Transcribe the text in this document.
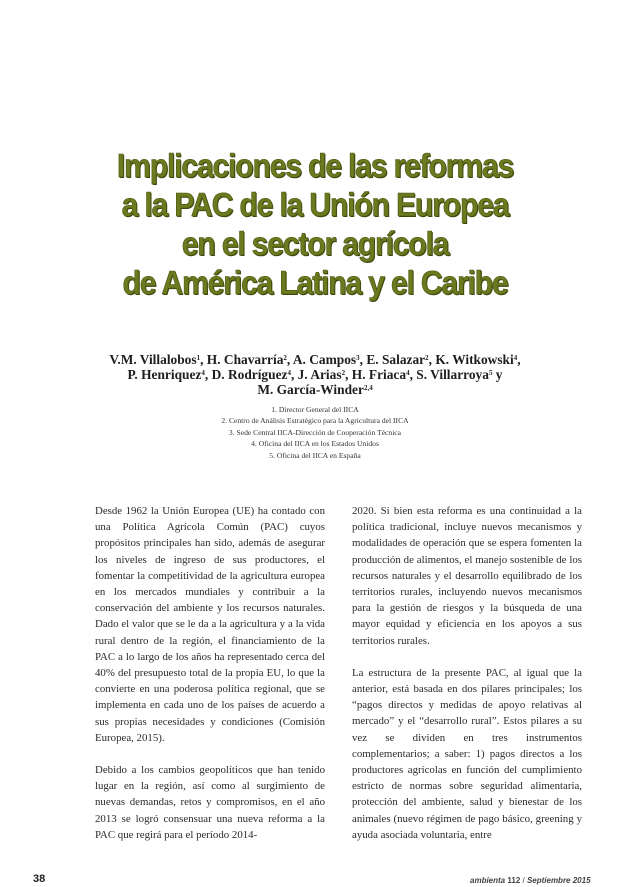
Implicaciones de las reformas
a la PAC de la Unión Europea
en el sector agrícola
de América Latina y el Caribe
V.M. Villalobos$^1$, H. Chavarría$^2$, A. Campos$^3$, E. Salazar$^2$, K. Witkowski$^4$,
P. Henriquez$^4$, D. Rodríguez$^4$, J. Arias$^2$, H. Friaca$^4$, S. Villarroya$^5$ y
M. García-Winder$^{2,4}$
1. Director General del IICA
2. Centro de Análisis Estratégico para la Agricultura del IICA
3. Sede Central IICA-Dirección de Cooperación Técnica
4. Oficina del IICA en los Estados Unidos
5. Oficina del IICA en España

Desde 1962 la Unión Europea (UE) ha contado con una Política Agrícola Común (PAC) cuyos propósitos principales han sido, además de asegurar los niveles de ingreso de sus productores, el fomentar la competitividad de la agricultura europea en los mercados mundiales y contribuir a la conservación del ambiente y los recursos naturales. Dado el valor que se le da a la agricultura y a la vida rural dentro de la región, el financiamiento de la PAC a lo largo de los años ha representado cerca del 40% del presupuesto total de la propia EU, lo que la convierte en una poderosa política regional, que se implementa en cada uno de los países de acuerdo a sus propias necesidades y condiciones (Comisión Europea, 2015).

Debido a los cambios geopolíticos que han tenido lugar en la región, así como al surgimiento de nuevas demandas, retos y compromisos, en el año 2013 se logró consensuar una nueva reforma a la PAC que regirá para el período 2014-

2020. Si bien esta reforma es una continuidad a la política tradicional, incluye nuevos mecanismos y modalidades de operación que se espera fomenten la producción de alimentos, el manejo sostenible de los recursos naturales y el desarrollo equilibrado de los territorios rurales, incluyendo nuevos mecanismos para la gestión de riesgos y la búsqueda de una mayor equidad y eficiencia en los apoyos a sus territorios rurales.

La estructura de la presente PAC, al igual que la anterior, está basada en dos pilares principales; los “pagos directos y medidas de apoyo relativas al mercado” y el “desarrollo rural”. Estos pilares a su vez se dividen en tres instrumentos complementarios; a saber: 1) pagos directos a los productores agrícolas en función del cumplimiento estricto de normas sobre seguridad alimentaria, protección del ambiente, salud y bienestar de los animales (nuevo régimen de pago básico, greening y ayuda asociada voluntaria, entre

38	ambienta 112 / Septiembre 2015
